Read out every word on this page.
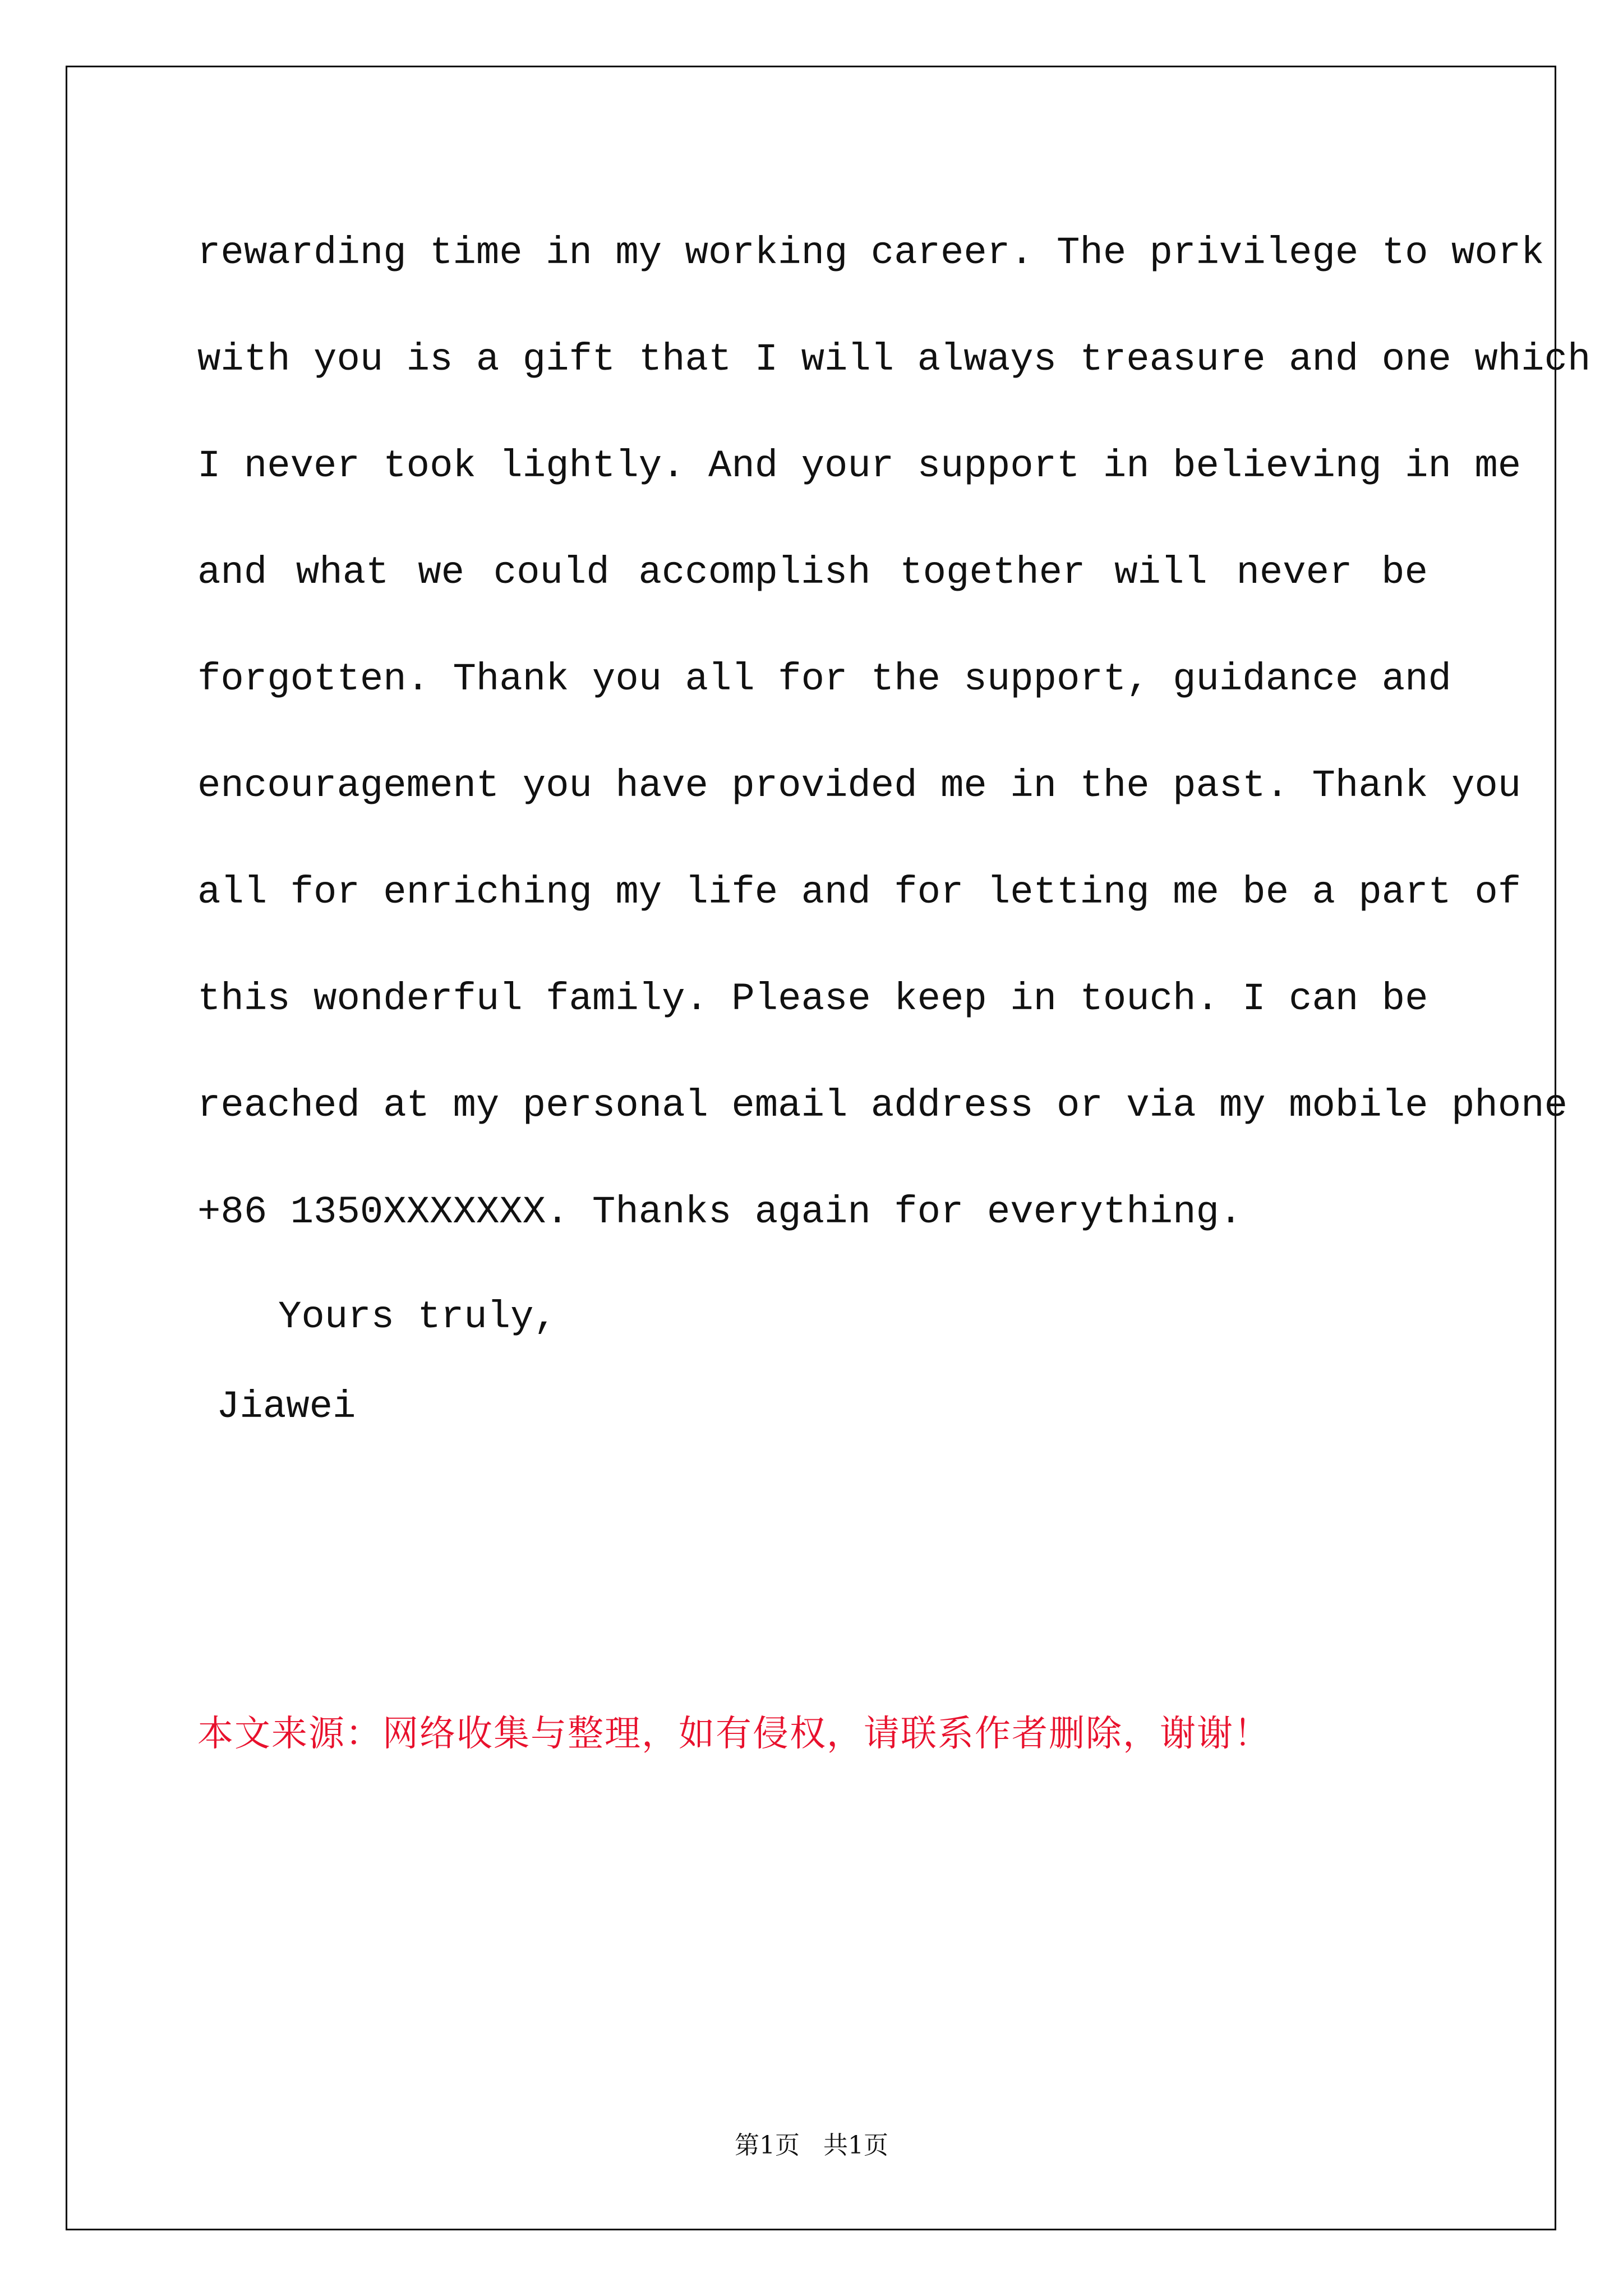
rewarding time in my working career. The privilege to work
with you is a gift that I will always treasure and one which
I never took lightly. And your support in believing in me
and what we could accomplish together will never be
forgotten. Thank you all for the support, guidance and
encouragement you have provided me in the past. Thank you
all for enriching my life and for letting me be a part of
this wonderful family. Please keep in touch. I can be
reached at my personal email address or via my mobile phone
+86 1350XXXXXXX. Thanks again for everything.
Yours truly,
Jiawei
本文来源：网络收集与整理，如有侵权，请联系作者删除，谢谢！
第1页   共1页
